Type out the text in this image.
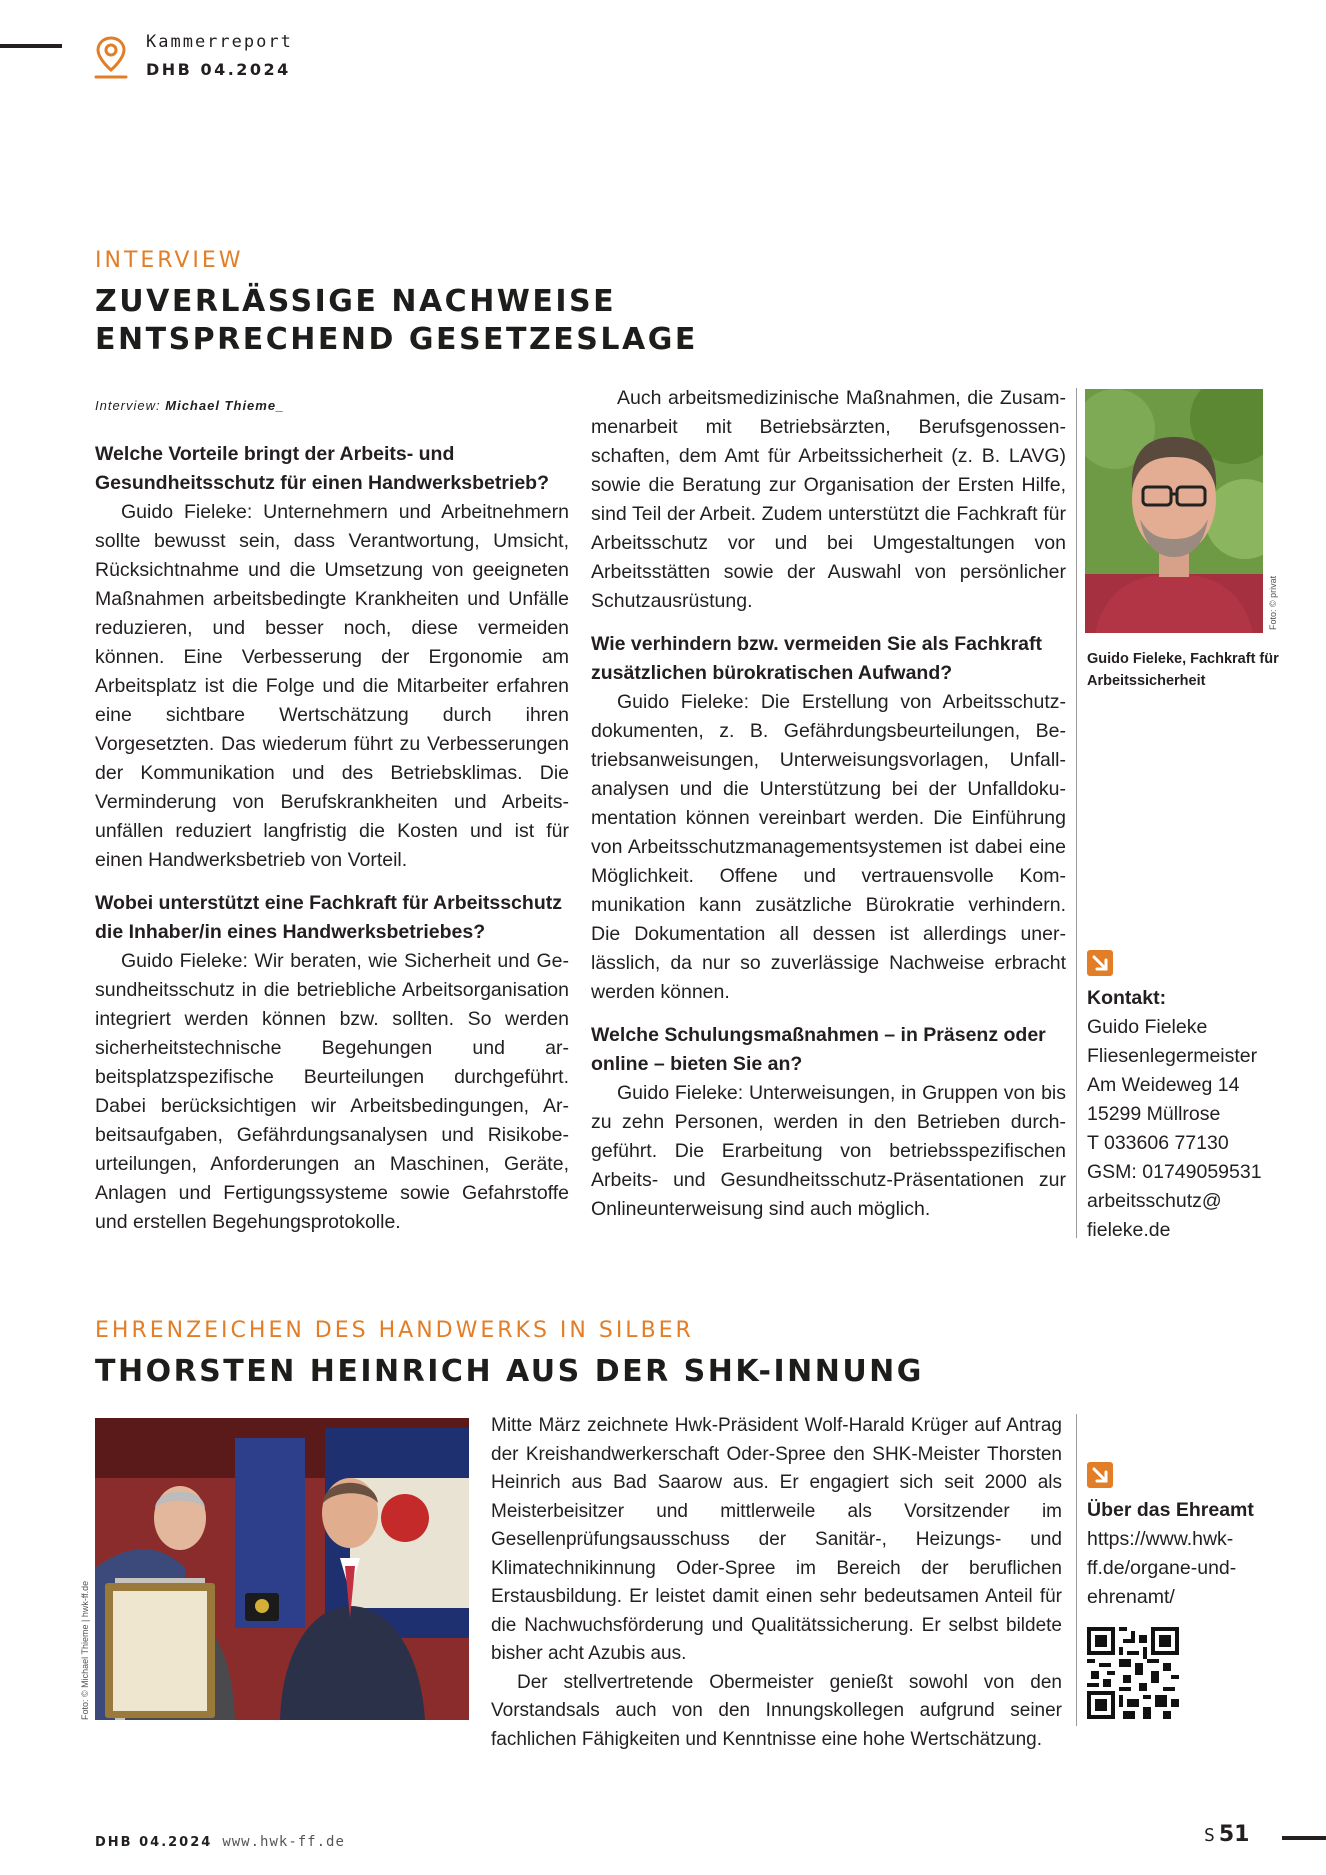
Kammerreport
DHB 04.2024
INTERVIEW
ZUVERLÄSSIGE NACHWEISE
ENTSPRECHEND GESETZESLAGE
Interview: Michael Thieme_

Welche Vorteile bringt der Arbeits- und Gesundheitsschutz für einen Handwerksbetrieb?

Guido Fieleke: Unternehmern und Arbeitnehmern sollte bewusst sein, dass Verantwortung, Umsicht, Rücksichtnahme und die Umsetzung von geeigneten Maßnahmen arbeitsbedingte Krankheiten und Unfälle reduzieren, und besser noch, diese vermeiden können. Eine Verbesserung der Ergonomie am Arbeitsplatz ist die Folge und die Mitarbeiter erfahren eine sichtbare Wertschätzung durch ihren Vorgesetzten. Das wiederum führt zu Verbesserungen der Kommunikation und des Betriebsklimas. Die Verminderung von Berufskrankheiten und Arbeitsunfällen reduziert langfristig die Kosten und ist für einen Handwerksbetrieb von Vorteil.

Wobei unterstützt eine Fachkraft für Arbeitsschutz die Inhaber/in eines Handwerksbetriebes?

Guido Fieleke: Wir beraten, wie Sicherheit und Gesundheitsschutz in die betriebliche Arbeitsorganisation integriert werden können bzw. sollten. So werden sicherheitstechnische Begehungen und arbeitsplatzspezifische Beurteilungen durchgeführt. Dabei berücksichtigen wir Arbeitsbedingungen, Arbeitsaufgaben, Gefährdungsanalysen und Risikobeurteilungen, Anforderungen an Maschinen, Geräte, Anlagen und Fertigungssysteme sowie Gefahrstoffe und erstellen Begehungsprotokolle.

Auch arbeitsmedizinische Maßnahmen, die Zusammenarbeit mit Betriebsärzten, Berufsgenossenschaften, dem Amt für Arbeitssicherheit (z. B. LAVG) sowie die Beratung zur Organisation der Ersten Hilfe, sind Teil der Arbeit. Zudem unterstützt die Fachkraft für Arbeitsschutz vor und bei Umgestaltungen von Arbeitsstätten sowie der Auswahl von persönlicher Schutzausrüstung.

Wie verhindern bzw. vermeiden Sie als Fachkraft zusätzlichen bürokratischen Aufwand?

Guido Fieleke: Die Erstellung von Arbeitsschutzdokumenten, z. B. Gefährdungsbeurteilungen, Betriebsanweisungen, Unterweisungsvorlagen, Unfallanalysen und die Unterstützung bei der Unfalldokumentation können vereinbart werden. Die Einführung von Arbeitsschutzmanagementsystemen ist dabei eine Möglichkeit. Offene und vertrauensvolle Kommunikation kann zusätzliche Bürokratie verhindern. Die Dokumentation all dessen ist allerdings unerlässlich, da nur so zuverlässige Nachweise erbracht werden können.

Welche Schulungsmaßnahmen – in Präsenz oder online – bieten Sie an?

Guido Fieleke: Unterweisungen, in Gruppen von bis zu zehn Personen, werden in den Betrieben durchgeführt. Die Erarbeitung von betriebsspezifischen Arbeits- und Gesundheitsschutz-Präsentationen zur Onlineunterweisung sind auch möglich.

Foto: © privat
Guido Fieleke, Fachkraft für Arbeitssicherheit
Kontakt:
Guido Fieleke
Fliesenlegermeister
Am Weideweg 14
15299 Müllrose
T 033606 77130
GSM: 01749059531
arbeitsschutz@
fieleke.de
EHRENZEICHEN DES HANDWERKS IN SILBER
THORSTEN HEINRICH AUS DER SHK-INNUNG
Foto: © Michael Thieme | hwk-ff.de

Mitte März zeichnete Hwk-Präsident Wolf-Harald Krüger auf Antrag der Kreishandwerkerschaft Oder-Spree den SHK-Meister Thorsten Heinrich aus Bad Saarow aus. Er engagiert sich seit 2000 als Meisterbeisitzer und mittlerweile als Vorsitzender im Gesellenprüfungsausschuss der Sanitär-, Heizungs- und Klimatechnikinnung Oder-Spree im Bereich der beruflichen Erstausbildung. Er leistet damit einen sehr bedeutsamen Anteil für die Nachwuchsförderung und Qualitätssicherung. Er selbst bildete bisher acht Azubis aus.

Der stellvertretende Obermeister genießt sowohl von den Vorstandsals auch von den Innungskollegen aufgrund seiner fachlichen Fähigkeiten und Kenntnisse eine hohe Wertschätzung.

Über das Ehreamt
https://www.hwk-
ff.de/organe-und-
ehrenamt/
DHB 04.2024 www.hwk-ff.de	S 51
